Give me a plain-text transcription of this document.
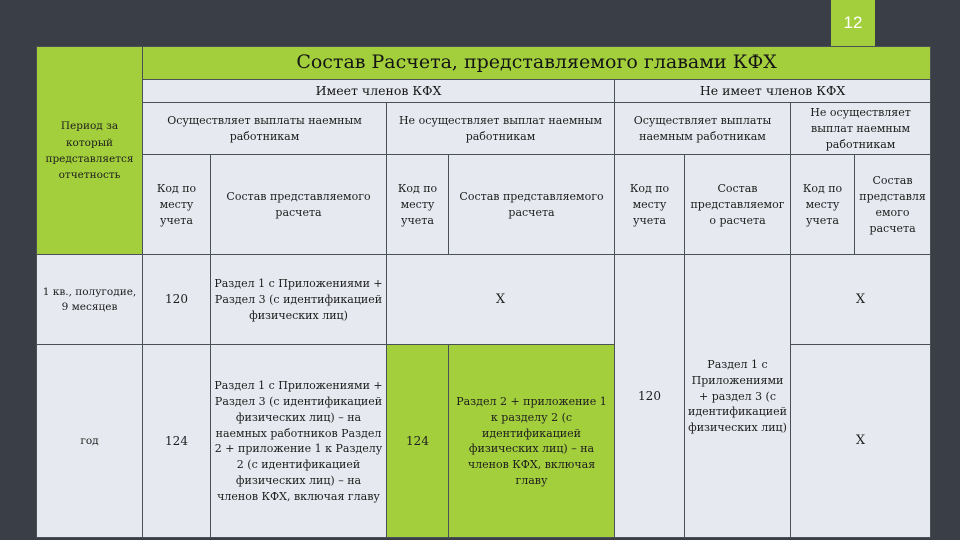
12
Период за который представляется отчетность	Состав Расчета, представляемого главами КФХ							
	Имеет членов КФХ				Не имеет членов КФХ			
	Осуществляет выплаты наемным работникам		Не осуществляет выплат наемным работникам		Осуществляет выплаты наемным работникам		Не осуществляет выплат наемным работникам	
	Код по месту учета	Состав представляемого расчета	Код по месту учета	Состав представляемого расчета	Код по месту учета	Состав представляемого расчета	Код по месту учета	Состав представляемого расчета
1 кв., полугодие, 9 месяцев	120	Раздел 1 с Приложениями + Раздел 3 (с идентификацией физических лиц)	Х		120	Раздел 1 с Приложениями + раздел 3 (с идентификацией физических лиц)	Х	
год	124	Раздел 1 с Приложениями + Раздел 3 (с идентификацией физических лиц) – на наемных работников Раздел 2 + приложение 1 к Разделу 2 (с идентификацией физических лиц) – на членов КФХ, включая главу	124	Раздел 2 + приложение 1 к разделу 2 (с идентификацией физических лиц) – на членов КФХ, включая главу			Х	
